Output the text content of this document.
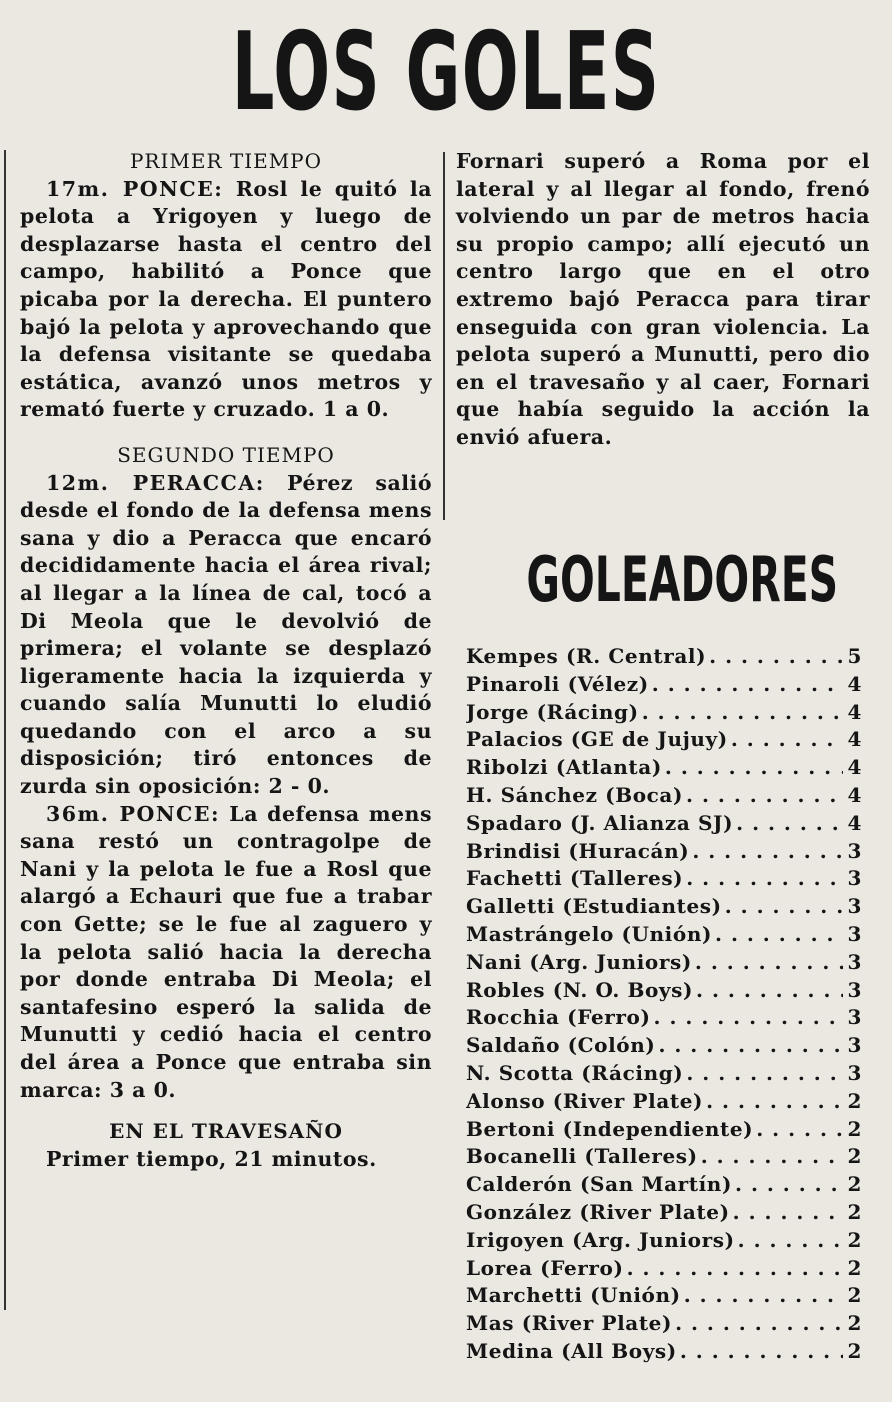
LOS GOLES

PRIMER TIEMPO

17m. PONCE: Rosl le quitó la pelota a Yrigoyen y luego de desplazarse hasta el centro del campo, habilitó a Ponce que picaba por la derecha. El puntero bajó la pelota y aprovechando que la defensa visitante se quedaba estática, avanzó unos metros y remató fuerte y cruzado. 1 a 0.

SEGUNDO TIEMPO

12m. PERACCA: Pérez salió desde el fondo de la defensa mens sana y dio a Peracca que encaró decididamente hacia el área rival; al llegar a la línea de cal, tocó a Di Meola que le devolvió de primera; el volante se desplazó ligeramente hacia la izquierda y cuando salía Munutti lo eludió quedando con el arco a su disposición; tiró entonces de zurda sin oposición: 2 - 0.

36m. PONCE: La defensa mens sana restó un contragolpe de Nani y la pelota le fue a Rosl que alargó a Echauri que fue a trabar con Gette; se le fue al zaguero y la pelota salió hacia la derecha por donde entraba Di Meola; el santafesino esperó la salida de Munutti y cedió hacia el centro del área a Ponce que entraba sin marca: 3 a 0.

EN EL TRAVESAÑO

Primer tiempo, 21 minutos.

Fornari superó a Roma por el lateral y al llegar al fondo, frenó volviendo un par de metros hacia su propio campo; allí ejecutó un centro largo que en el otro extremo bajó Peracca para tirar enseguida con gran violencia. La pelota superó a Munutti, pero dio en el travesaño y al caer, Fornari que había seguido la acción la envió afuera.

GOLEADORES
Kempes (R. Central) . . .	5
Pinaroli (Vélez) . . .	4
Jorge (Rácing) . . .	4
Palacios (GE de Jujuy) . . .	4
Ribolzi (Atlanta) . . .	4
H. Sánchez (Boca) . . .	4
Spadaro (J. Alianza SJ) . . .	4
Brindisi (Huracán) . . .	3
Fachetti (Talleres) . . .	3
Galletti (Estudiantes) . . .	3
Mastrángelo (Unión) . . .	3
Nani (Arg. Juniors) . . .	3
Robles (N. O. Boys) . . .	3
Rocchia (Ferro) . . .	3
Saldaño (Colón) . . .	3
N. Scotta (Rácing) . . .	3
Alonso (River Plate) . . .	2
Bertoni (Independiente) . . .	2
Bocanelli (Talleres) . . .	2
Calderón (San Martín) . . .	2
González (River Plate) . . .	2
Irigoyen (Arg. Juniors) . . .	2
Lorea (Ferro) . . .	2
Marchetti (Unión) . . .	2
Mas (River Plate) . . .	2
Medina (All Boys) . . .	2
